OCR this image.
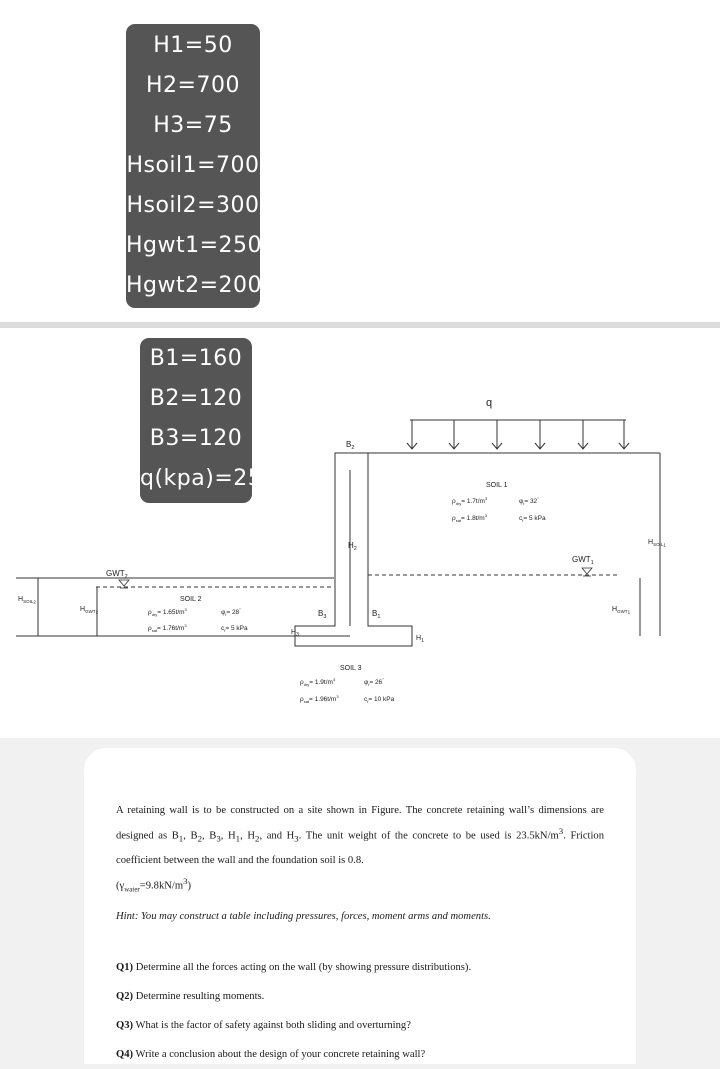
H1=50
H2=700
H3=75
Hsoil1=700
Hsoil2=300
Hgwt1=250
Hgwt2=200
B1=160
B2=120
B3=120
q(kpa)=25
q
$B_2$
$H_2$
$B_3$	$B_1$
$H_3$	$H_1$
$GWT_2$
$GWT_1$
$H_{SOIL}1$
$H_{SOIL}2$
$H_{GWT}1$
$H_{GWT}2$
SOIL 1
$\rho_{dry}= 1.7t/m^3$
$\rho_{sat}= 1.8t/m^3$
$\varphi_f= 32^\circ$
$c_f= 5$ kPa
SOIL 2
$\rho_{dry}= 1.65t/m^3$
$\rho_{sat}= 1.76t/m^3$
$\varphi_f= 28^\circ$
$c_f= 5$ kPa
SOIL 3
$\rho_{dry}= 1.9t/m^3$
$\rho_{sat}= 1.96t/m^3$
$\varphi_f= 26^\circ$
$c_f= 10$ kPa

A retaining wall is to be constructed on a site shown in Figure. The concrete retaining wall’s dimensions are designed as $B_1$, $B_2$, $B_3$, $H_1$, $H_2$, and $H_3$. The unit weight of the concrete to be used is $23.5kN/m^3$. Friction coefficient between the wall and the foundation soil is 0.8.

$(\gamma_{water}=9.8kN/m^3)$

Hint: You may construct a table including pressures, forces, moment arms and moments.

Q1) Determine all the forces acting on the wall (by showing pressure distributions).

Q2) Determine resulting moments.

Q3) What is the factor of safety against both sliding and overturning?

Q4) Write a conclusion about the design of your concrete retaining wall?
